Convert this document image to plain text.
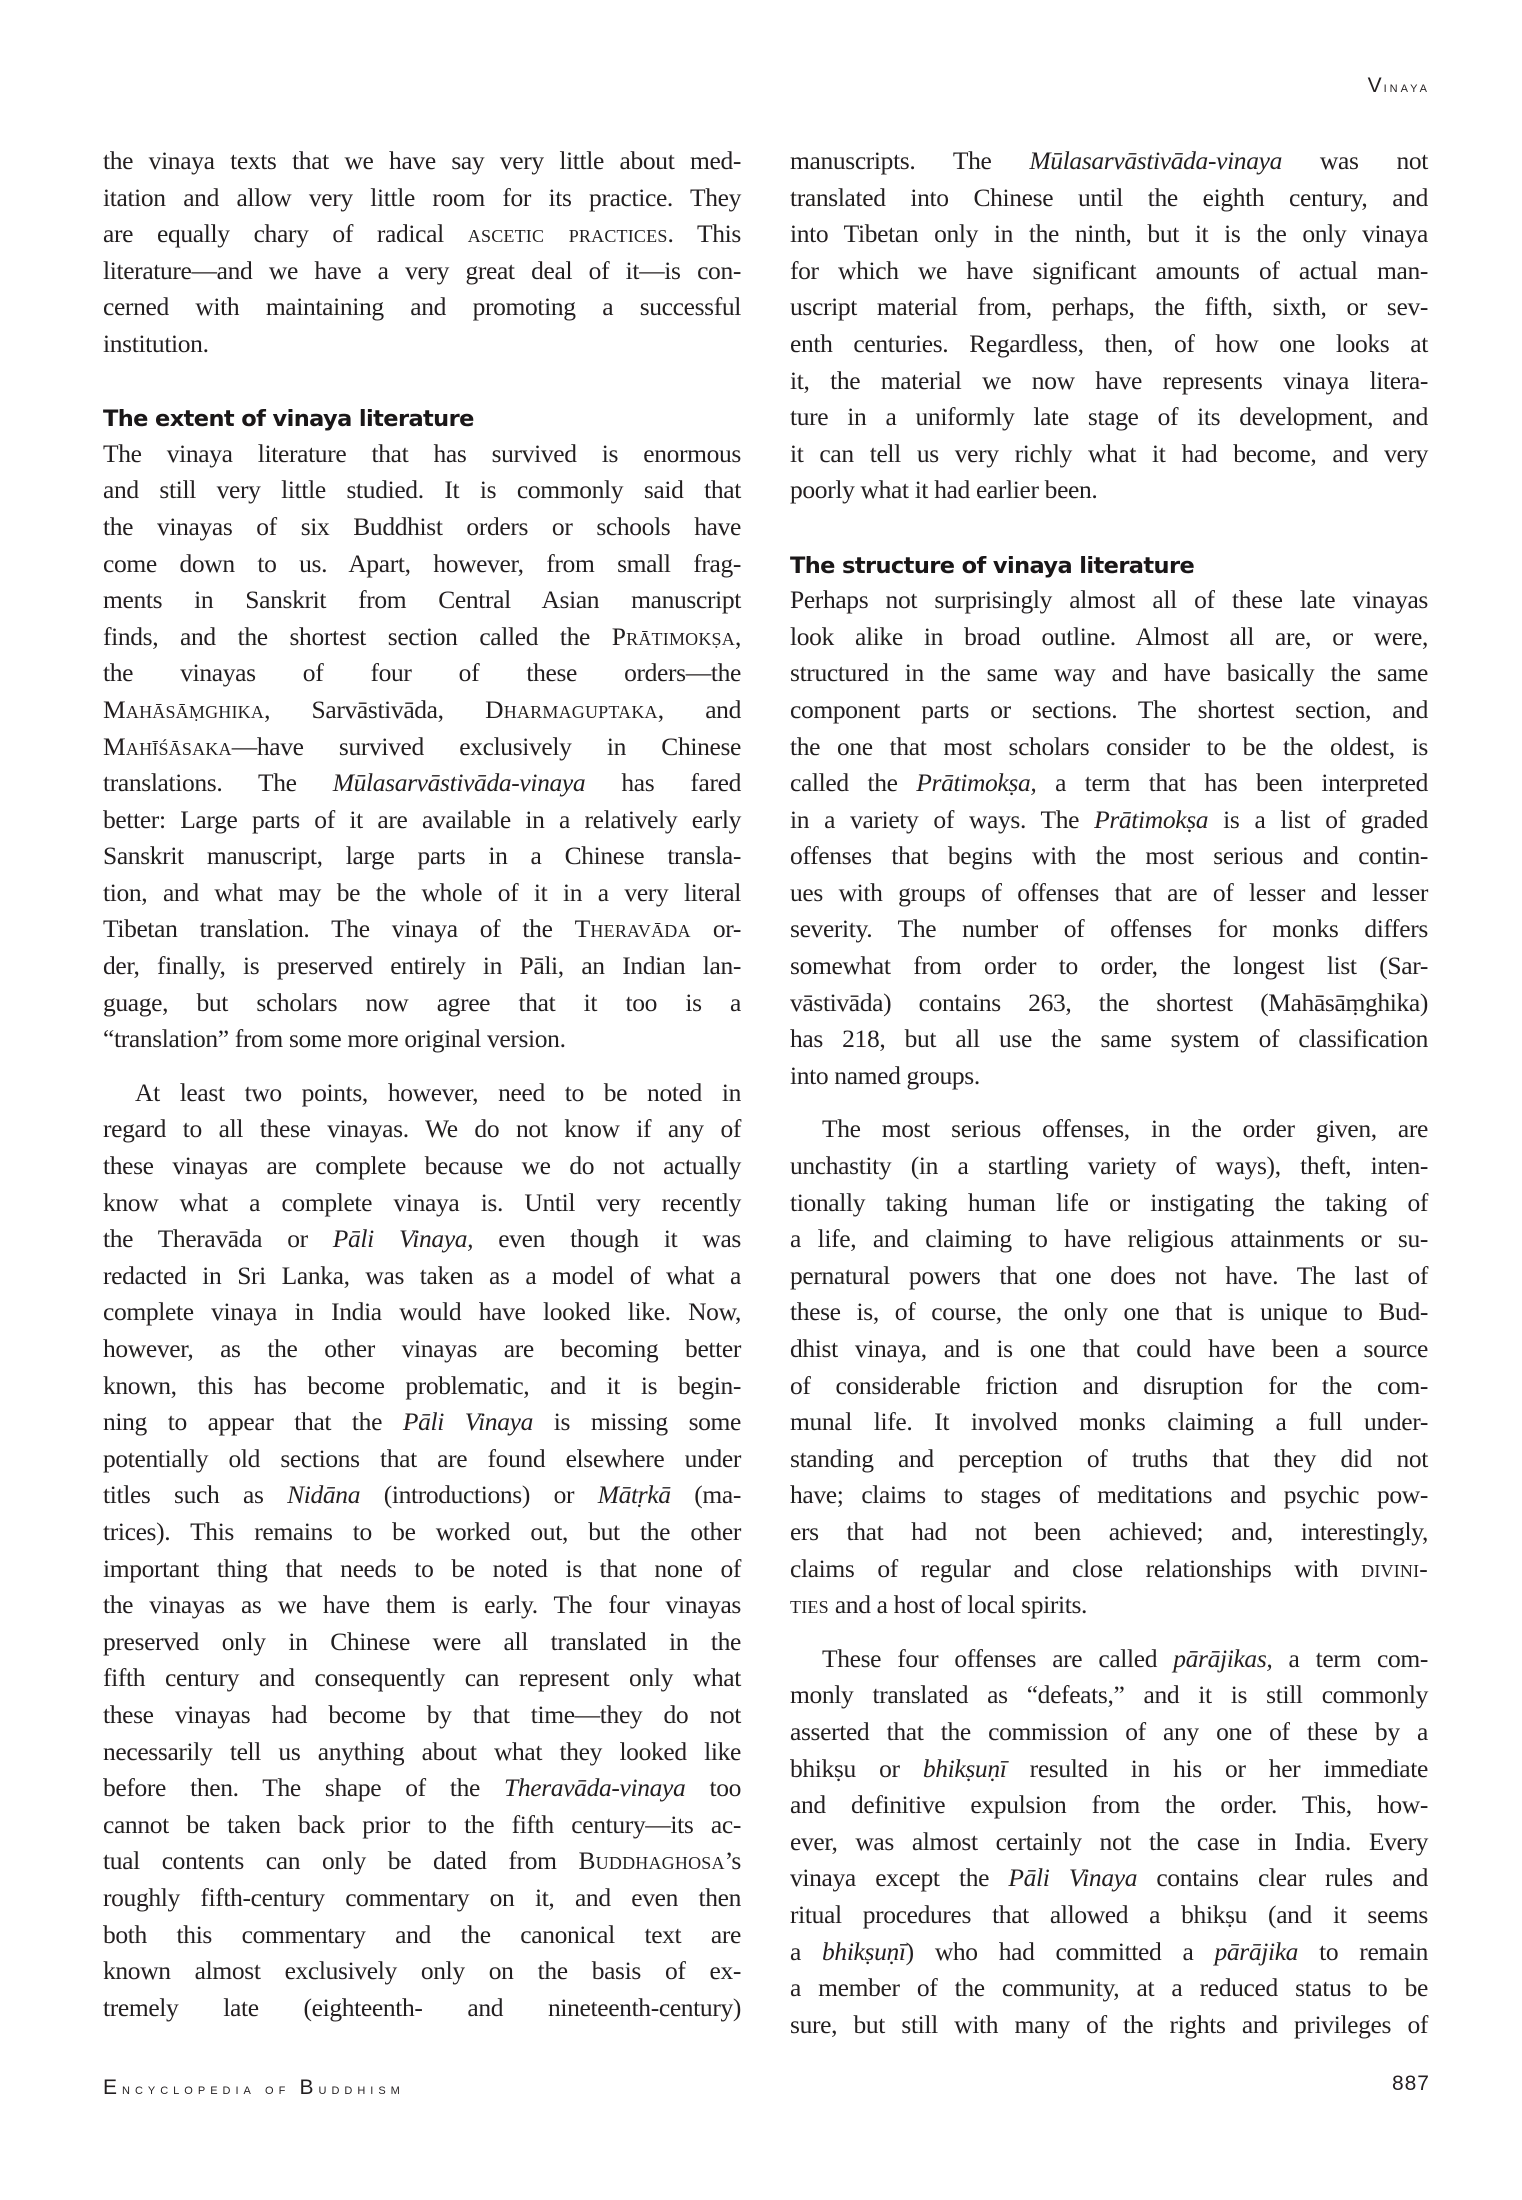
Vinaya
the vinaya texts that we have say very little about med-
itation and allow very little room for its practice. They
are equally chary of radical ascetic practices. This
literature—and we have a very great deal of it—is con-
cerned with maintaining and promoting a successful
institution.
The extent of vinaya literature
The vinaya literature that has survived is enormous
and still very little studied. It is commonly said that
the vinayas of six Buddhist orders or schools have
come down to us. Apart, however, from small frag-
ments in Sanskrit from Central Asian manuscript
finds, and the shortest section called the Prātimokṣa,
the vinayas of four of these orders—the
Mahāsāṃghika, Sarvāstivāda, Dharmaguptaka, and
Mahīśāsaka—have survived exclusively in Chinese
translations. The Mūlasarvāstivāda-vinaya has fared
better: Large parts of it are available in a relatively early
Sanskrit manuscript, large parts in a Chinese transla-
tion, and what may be the whole of it in a very literal
Tibetan translation. The vinaya of the Theravāda or-
der, finally, is preserved entirely in Pāli, an Indian lan-
guage, but scholars now agree that it too is a
“translation” from some more original version.
At least two points, however, need to be noted in
regard to all these vinayas. We do not know if any of
these vinayas are complete because we do not actually
know what a complete vinaya is. Until very recently
the Theravāda or Pāli Vinaya, even though it was
redacted in Sri Lanka, was taken as a model of what a
complete vinaya in India would have looked like. Now,
however, as the other vinayas are becoming better
known, this has become problematic, and it is begin-
ning to appear that the Pāli Vinaya is missing some
potentially old sections that are found elsewhere under
titles such as Nidāna (introductions) or Mātṛkā (ma-
trices). This remains to be worked out, but the other
important thing that needs to be noted is that none of
the vinayas as we have them is early. The four vinayas
preserved only in Chinese were all translated in the
fifth century and consequently can represent only what
these vinayas had become by that time—they do not
necessarily tell us anything about what they looked like
before then. The shape of the Theravāda-vinaya too
cannot be taken back prior to the fifth century—its ac-
tual contents can only be dated from Buddhaghosa’s
roughly fifth-century commentary on it, and even then
both this commentary and the canonical text are
known almost exclusively only on the basis of ex-
tremely late (eighteenth- and nineteenth-century)
manuscripts. The Mūlasarvāstivāda-vinaya was not
translated into Chinese until the eighth century, and
into Tibetan only in the ninth, but it is the only vinaya
for which we have significant amounts of actual man-
uscript material from, perhaps, the fifth, sixth, or sev-
enth centuries. Regardless, then, of how one looks at
it, the material we now have represents vinaya litera-
ture in a uniformly late stage of its development, and
it can tell us very richly what it had become, and very
poorly what it had earlier been.
The structure of vinaya literature
Perhaps not surprisingly almost all of these late vinayas
look alike in broad outline. Almost all are, or were,
structured in the same way and have basically the same
component parts or sections. The shortest section, and
the one that most scholars consider to be the oldest, is
called the Prātimokṣa, a term that has been interpreted
in a variety of ways. The Prātimokṣa is a list of graded
offenses that begins with the most serious and contin-
ues with groups of offenses that are of lesser and lesser
severity. The number of offenses for monks differs
somewhat from order to order, the longest list (Sar-
vāstivāda) contains 263, the shortest (Mahāsāṃghika)
has 218, but all use the same system of classification
into named groups.
The most serious offenses, in the order given, are
unchastity (in a startling variety of ways), theft, inten-
tionally taking human life or instigating the taking of
a life, and claiming to have religious attainments or su-
pernatural powers that one does not have. The last of
these is, of course, the only one that is unique to Bud-
dhist vinaya, and is one that could have been a source
of considerable friction and disruption for the com-
munal life. It involved monks claiming a full under-
standing and perception of truths that they did not
have; claims to stages of meditations and psychic pow-
ers that had not been achieved; and, interestingly,
claims of regular and close relationships with divini-
ties and a host of local spirits.
These four offenses are called pārājikas, a term com-
monly translated as “defeats,” and it is still commonly
asserted that the commission of any one of these by a
bhikṣu or bhikṣuṇī resulted in his or her immediate
and definitive expulsion from the order. This, how-
ever, was almost certainly not the case in India. Every
vinaya except the Pāli Vinaya contains clear rules and
ritual procedures that allowed a bhikṣu (and it seems
a bhikṣuṇī) who had committed a pārājika to remain
a member of the community, at a reduced status to be
sure, but still with many of the rights and privileges of
Encyclopedia of Buddhism	887
